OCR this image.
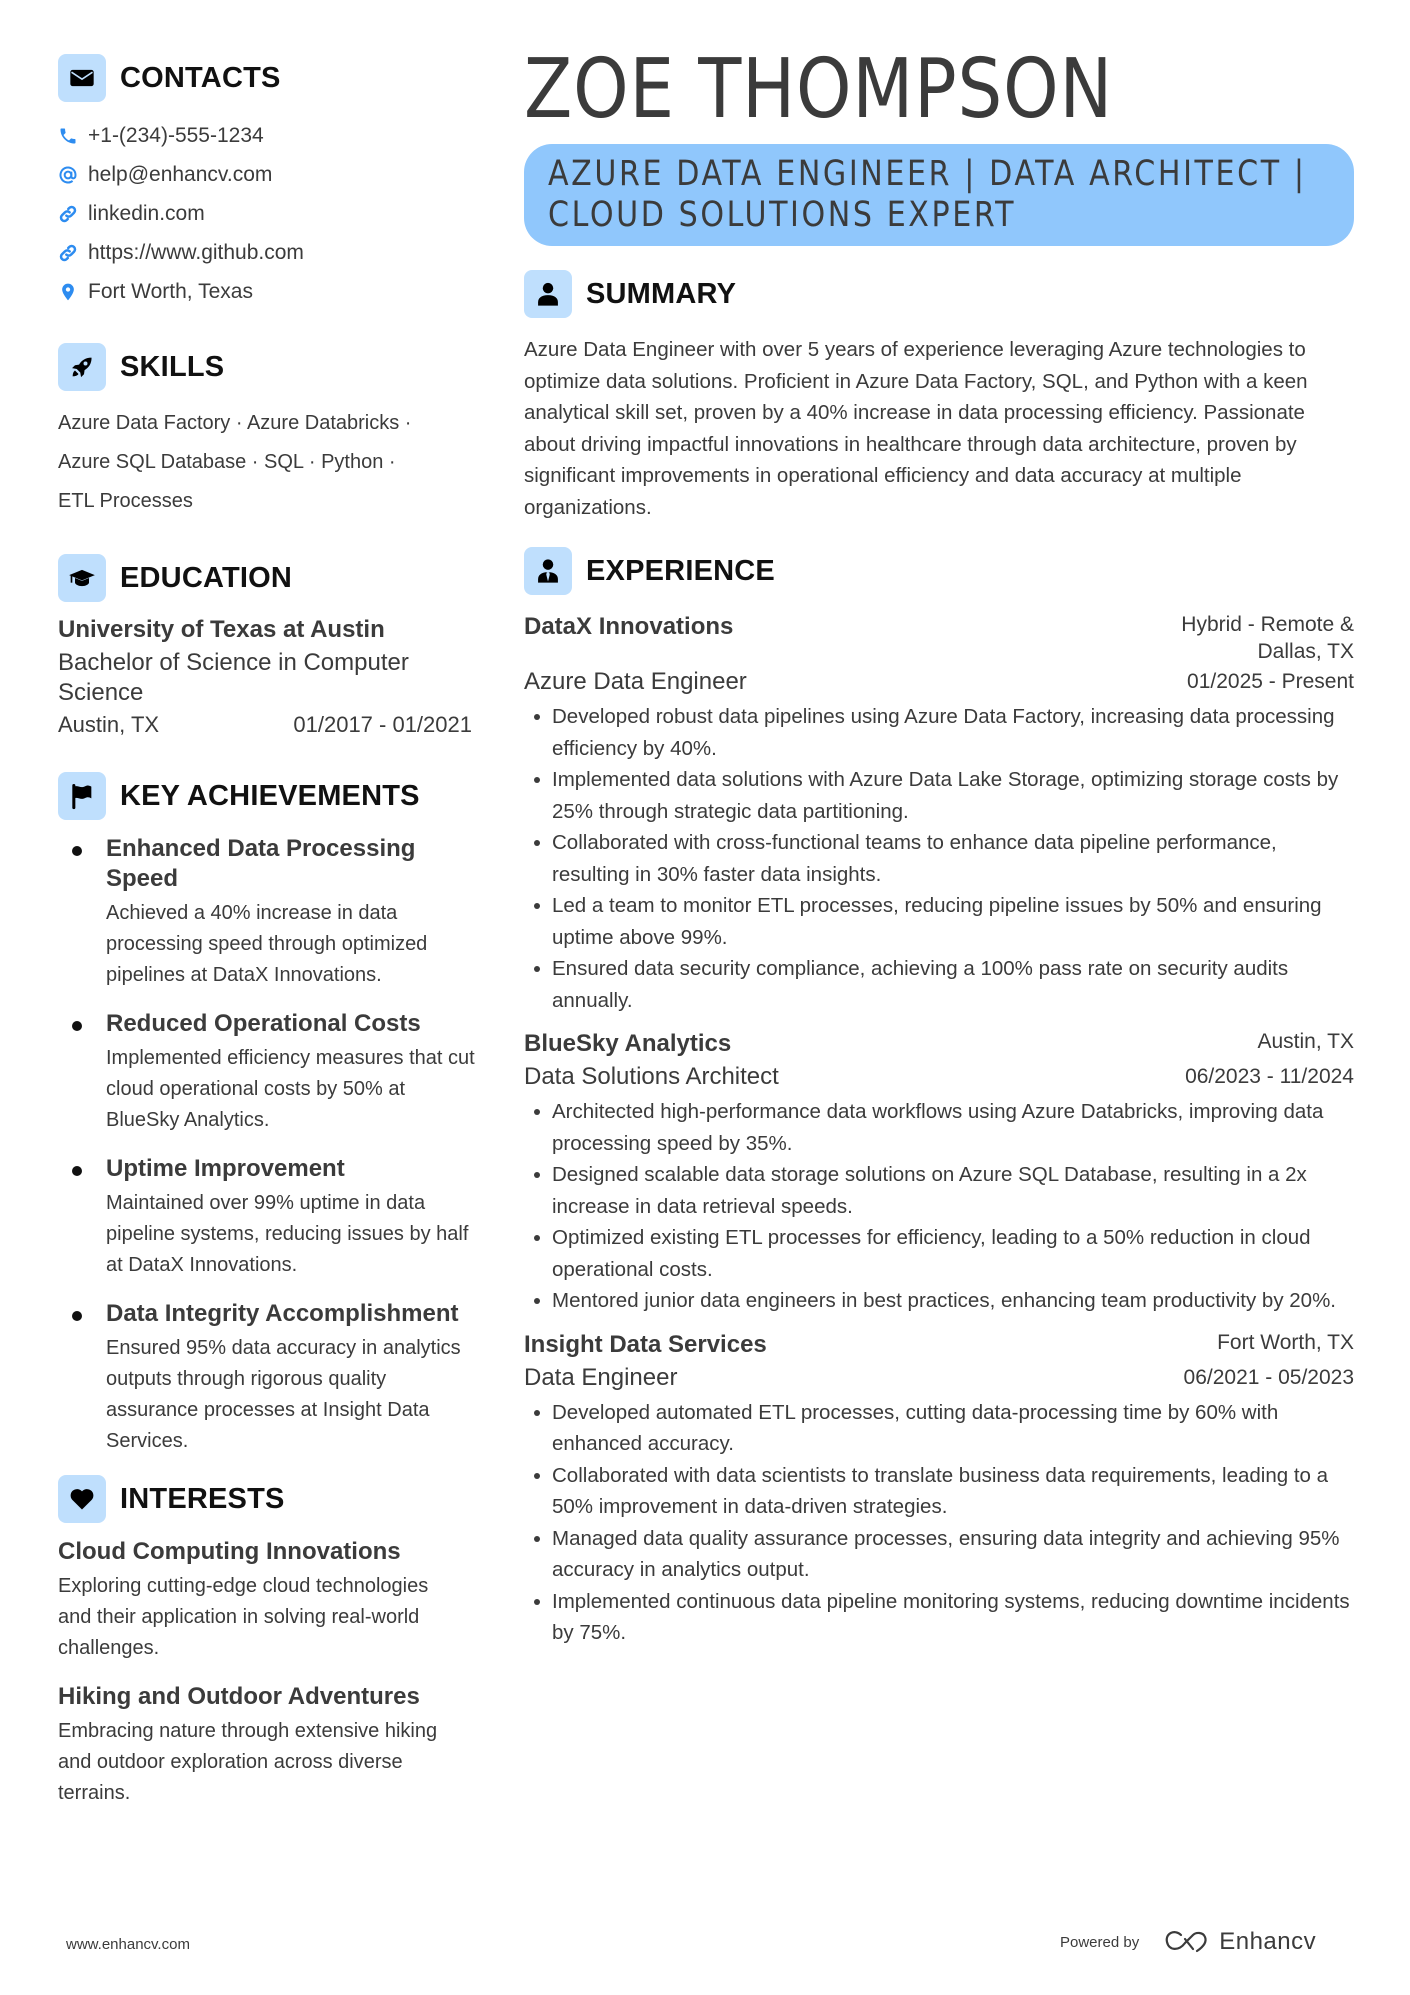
CONTACTS
+1-(234)-555-1234
help@enhancv.com
linkedin.com
https://www.github.com
Fort Worth, Texas
SKILLS
Azure Data Factory · Azure Databricks ·
Azure SQL Database · SQL · Python ·
ETL Processes
EDUCATION
University of Texas at Austin
Bachelor of Science in Computer Science
Austin, TX	01/2017 - 01/2021
KEY ACHIEVEMENTS
Enhanced Data Processing Speed
Achieved a 40% increase in data processing speed through optimized pipelines at DataX Innovations.
Reduced Operational Costs
Implemented efficiency measures that cut cloud operational costs by 50% at BlueSky Analytics.
Uptime Improvement
Maintained over 99% uptime in data pipeline systems, reducing issues by half at DataX Innovations.
Data Integrity Accomplishment
Ensured 95% data accuracy in analytics outputs through rigorous quality assurance processes at Insight Data Services.
INTERESTS
Cloud Computing Innovations
Exploring cutting-edge cloud technologies and their application in solving real-world challenges.
Hiking and Outdoor Adventures
Embracing nature through extensive hiking and outdoor exploration across diverse terrains.
ZOE THOMPSON
AZURE DATA ENGINEER | DATA ARCHITECT | CLOUD SOLUTIONS EXPERT
SUMMARY

Azure Data Engineer with over 5 years of experience leveraging Azure technologies to optimize data solutions. Proficient in Azure Data Factory, SQL, and Python with a keen analytical skill set, proven by a 40% increase in data processing efficiency. Passionate about driving impactful innovations in healthcare through data architecture, proven by significant improvements in operational efficiency and data accuracy at multiple organizations.

EXPERIENCE
DataX Innovations	Hybrid - Remote &
Dallas, TX
Azure Data Engineer	01/2025 - Present
Developed robust data pipelines using Azure Data Factory, increasing data processing efficiency by 40%.
Implemented data solutions with Azure Data Lake Storage, optimizing storage costs by 25% through strategic data partitioning.
Collaborated with cross-functional teams to enhance data pipeline performance, resulting in 30% faster data insights.
Led a team to monitor ETL processes, reducing pipeline issues by 50% and ensuring uptime above 99%.
Ensured data security compliance, achieving a 100% pass rate on security audits annually.
BlueSky Analytics	Austin, TX
Data Solutions Architect	06/2023 - 11/2024
Architected high-performance data workflows using Azure Databricks, improving data processing speed by 35%.
Designed scalable data storage solutions on Azure SQL Database, resulting in a 2x increase in data retrieval speeds.
Optimized existing ETL processes for efficiency, leading to a 50% reduction in cloud operational costs.
Mentored junior data engineers in best practices, enhancing team productivity by 20%.
Insight Data Services	Fort Worth, TX
Data Engineer	06/2021 - 05/2023
Developed automated ETL processes, cutting data-processing time by 60% with enhanced accuracy.
Collaborated with data scientists to translate business data requirements, leading to a 50% improvement in data-driven strategies.
Managed data quality assurance processes, ensuring data integrity and achieving 95% accuracy in analytics output.
Implemented continuous data pipeline monitoring systems, reducing downtime incidents by 75%.
www.enhancv.com	Powered by	Enhancv
